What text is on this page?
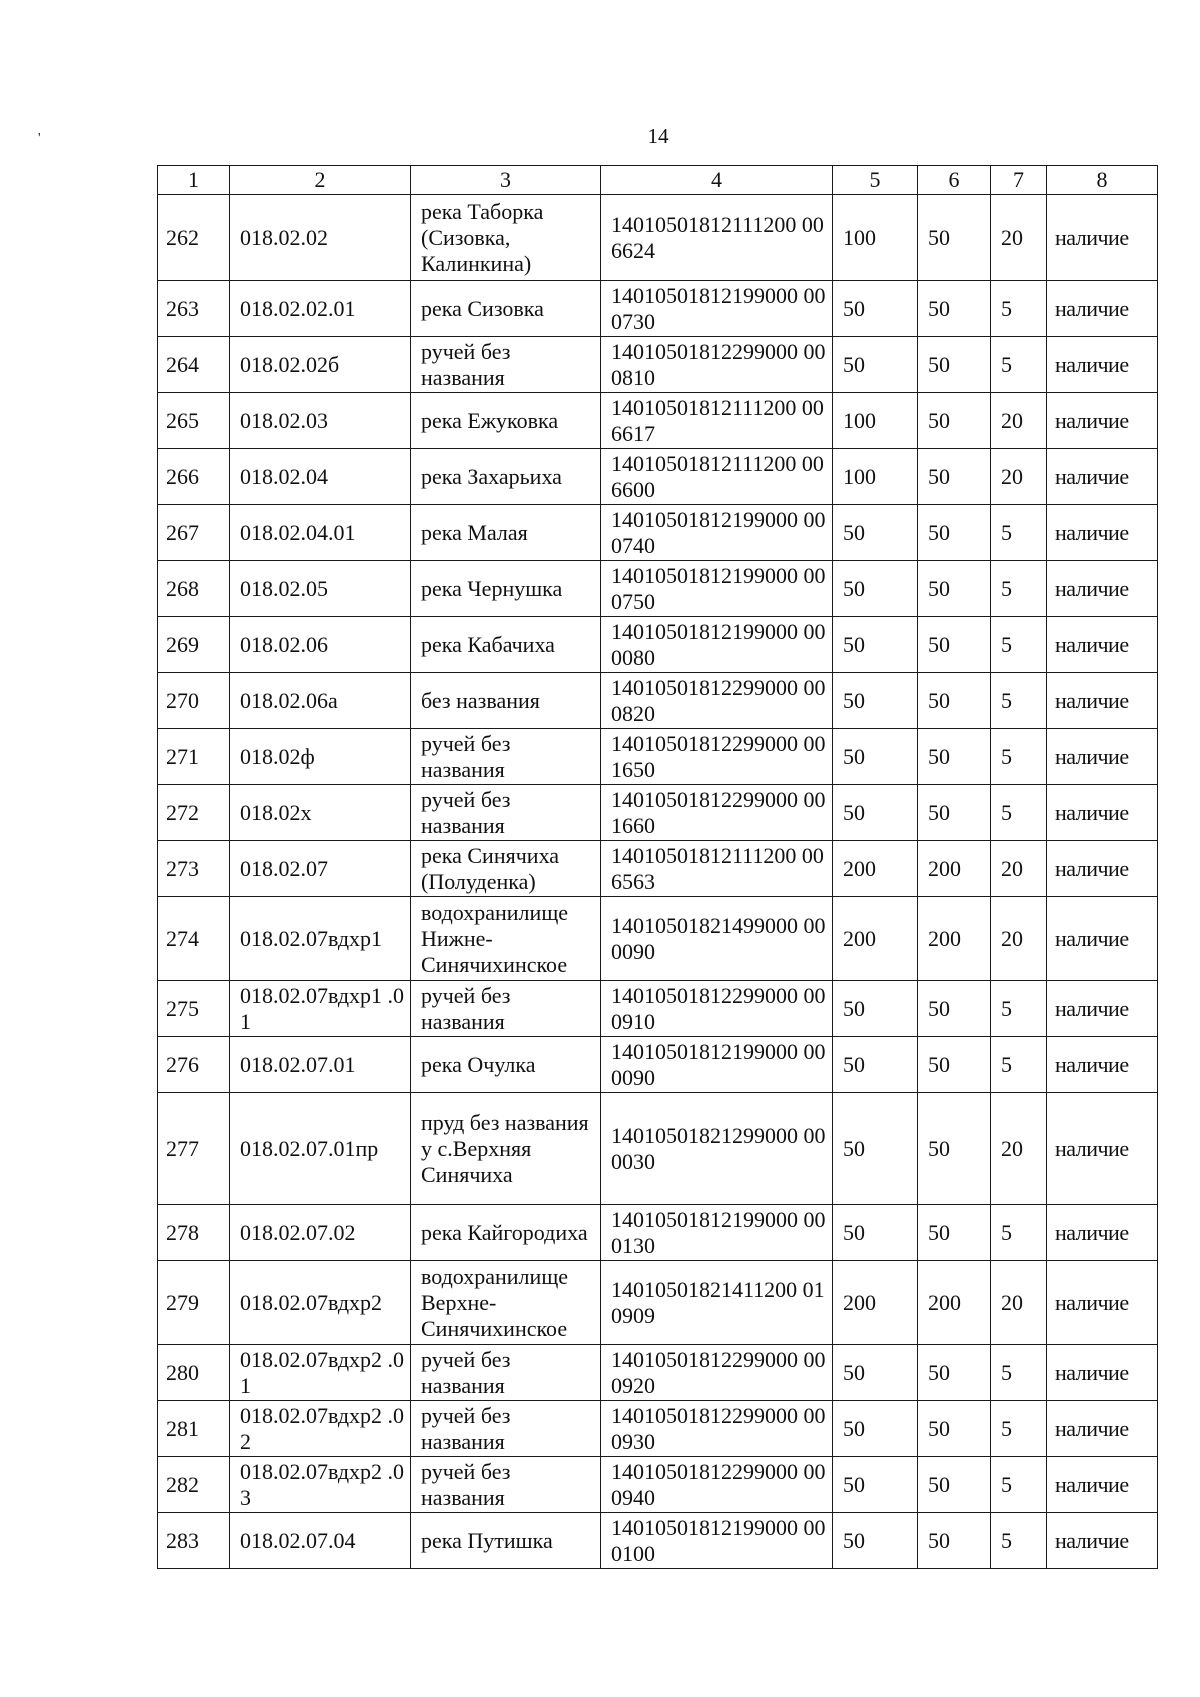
'	14
1	2	3	4	5	6	7	8
262	018.02.02	река Таборка (Сизовка, Калинкина)	14010501812111200 006624	100	50	20	наличие
263	018.02.02.01	река Сизовка	14010501812199000 000730	50	50	5	наличие
264	018.02.02б	ручей без названия	14010501812299000 000810	50	50	5	наличие
265	018.02.03	река Ежуковка	14010501812111200 006617	100	50	20	наличие
266	018.02.04	река Захарьиха	14010501812111200 006600	100	50	20	наличие
267	018.02.04.01	река Малая	14010501812199000 000740	50	50	5	наличие
268	018.02.05	река Чернушка	14010501812199000 000750	50	50	5	наличие
269	018.02.06	река Кабачиха	14010501812199000 000080	50	50	5	наличие
270	018.02.06а	без названия	14010501812299000 000820	50	50	5	наличие
271	018.02ф	ручей без названия	14010501812299000 001650	50	50	5	наличие
272	018.02х	ручей без названия	14010501812299000 001660	50	50	5	наличие
273	018.02.07	река Синячиха (Полуденка)	14010501812111200 006563	200	200	20	наличие
274	018.02.07вдхр1	водохранилище Нижне-Синячихинское	14010501821499000 000090	200	200	20	наличие
275	018.02.07вдхр1 .01	ручей без названия	14010501812299000 000910	50	50	5	наличие
276	018.02.07.01	река Очулка	14010501812199000 000090	50	50	5	наличие
277	018.02.07.01пр	пруд без названия у с.Верхняя Синячиха	14010501821299000 000030	50	50	20	наличие
278	018.02.07.02	река Кайгородиха	14010501812199000 000130	50	50	5	наличие
279	018.02.07вдхр2	водохранилище Верхне-Синячихинское	14010501821411200 010909	200	200	20	наличие
280	018.02.07вдхр2 .01	ручей без названия	14010501812299000 000920	50	50	5	наличие
281	018.02.07вдхр2 .02	ручей без названия	14010501812299000 000930	50	50	5	наличие
282	018.02.07вдхр2 .03	ручей без названия	14010501812299000 000940	50	50	5	наличие
283	018.02.07.04	река Путишка	14010501812199000 000100	50	50	5	наличие
